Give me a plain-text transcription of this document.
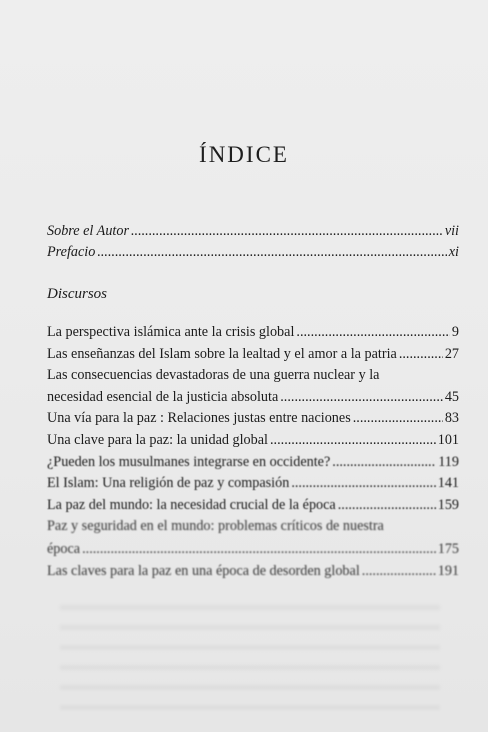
ÍNDICE
Sobre el Autor .....	vii
Prefacio .....	xi
Discursos
La perspectiva islámica ante la crisis global .....	9
Las enseñanzas del Islam sobre la lealtad y el amor a la patria .....	27
Las consecuencias devastadoras de una guerra nuclear y la
necesidad esencial de la justicia absoluta .....	45
Una vía para la paz : Relaciones justas entre naciones .....	83
Una clave para la paz: la unidad global .....	101
¿Pueden los musulmanes integrarse en occidente? .....	119
El Islam: Una religión de paz y compasión .....	141
La paz del mundo: la necesidad crucial de la época .....	159
Paz y seguridad en el mundo: problemas críticos de nuestra
época .....	175
Las claves para la paz en una época de desorden global .....	191
